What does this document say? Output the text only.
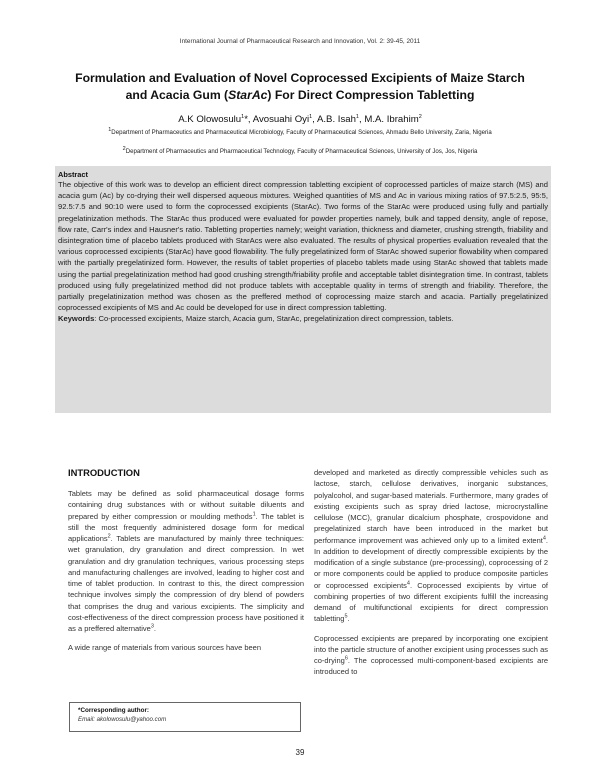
International Journal of Pharmaceutical Research and Innovation, Vol. 2: 39-45, 2011
Formulation and Evaluation of Novel Coprocessed Excipients of Maize Starch
and Acacia Gum (StarAc) For Direct Compression Tabletting
A.K Olowosulu$^1$*, Avosuahi Oyi$^1$, A.B. Isah$^1$, M.A. Ibrahim$^2$
$^1$Department of Pharmaceutics and Pharmaceutical Microbiology, Faculty of Pharmaceutical Sciences, Ahmadu Bello University, Zaria, Nigeria
$^2$Department of Pharmaceutics and Pharmaceutical Technology, Faculty of Pharmaceutical Sciences, University of Jos, Jos, Nigeria
Abstract
The objective of this work was to develop an efficient direct compression tabletting excipient of coprocessed particles of maize starch (MS) and acacia gum (Ac) by co-drying their well dispersed aqueous mixtures. Weighed quantities of MS and Ac in various mixing ratios of 97.5:2.5, 95:5, 92.5:7.5 and 90:10 were used to form the coprocessed excipients (StarAc). Two forms of the StarAc were produced using fully and partially pregelatinization methods. The StarAc thus produced were evaluated for powder properties namely, bulk and tapped density, angle of repose, flow rate, Carr's index and Hausner's ratio. Tabletting properties namely; weight variation, thickness and diameter, crushing strength, friability and disintegration time of placebo tablets produced with StarAcs were also evaluated. The results of physical properties evaluation revealed that the various coprocessed excipients (StarAc) have good flowability. The fully pregelatinized form of StarAc showed superior flowability when compared with the partially pregelatinized form. However, the results of tablet properties of placebo tablets made using StarAc showed that tablets made using the partial pregelatinization method had good crushing strength/friability profile and acceptable tablet disintegration time. In contrast, tablets produced using fully pregelatinized method did not produce tablets with acceptable quality in terms of strength and friability. Therefore, the partially pregelatinization method was chosen as the preffered method of coprocessing maize starch and acacia. Partially pregelatinized coprocessed excipients of MS and Ac could be developed for use in direct compression tabletting.
Keywords: Co-processed excipients, Maize starch, Acacia gum, StarAc, pregelatinization direct compression, tablets.
INTRODUCTION

Tablets may be defined as solid pharmaceutical dosage forms containing drug substances with or without suitable diluents and prepared by either compression or moulding methods$^1$. The tablet is still the most frequently administered dosage form for medical applications$^2$. Tablets are manufactured by mainly three techniques: wet granulation, dry granulation and direct compression. In wet granulation and dry granulation techniques, various processing steps and manufacturing challenges are involved, leading to higher cost and time of tablet production. In contrast to this, the direct compression technique involves simply the compression of dry blend of powders that comprises the drug and various excipients. The simplicity and cost-effectiveness of the direct compression process have positioned it as a preffered alternative$^3$.

A wide range of materials from various sources have been

developed and marketed as directly compressible vehicles such as lactose, starch, cellulose derivatives, inorganic substances, polyalcohol, and sugar-based materials. Furthermore, many grades of existing excipients such as spray dried lactose, microcrystalline cellulose (MCC), granular dicalcium phosphate, crospovidone and pregelatinized starch have been introduced in the market but performance improvement was achieved only up to a limited extent$^4$. In addition to development of directly compressible excipients by the modification of a single substance (pre-processing), coprocessing of 2 or more components could be applied to produce composite particles or coprocessed excipients$^4$. Coprocessed excipients by virtue of combining properties of two different excipients fulfill the increasing demand of multifunctional excipients for direct compression tabletting$^5$.

Coprocessed excipients are prepared by incorporating one excipient into the particle structure of another excipient using processes such as co-drying$^6$. The coprocessed multi-component-based excipients are introduced to

*Corresponding author:
Email: akolowosulu@yahoo.com
39
